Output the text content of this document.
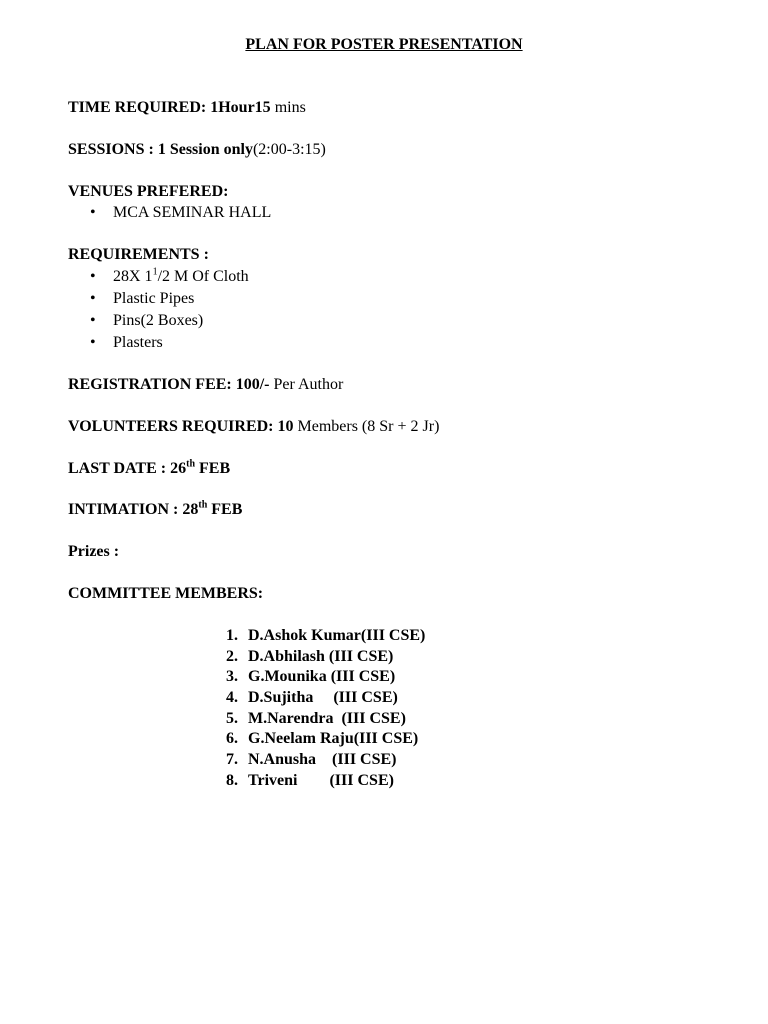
PLAN FOR POSTER PRESENTATION
TIME REQUIRED: 1Hour15 mins
SESSIONS : 1 Session only(2:00-3:15)
VENUES PREFERED:
• MCA SEMINAR HALL
REQUIREMENTS :
• 28X $1^1/2$ M Of Cloth
• Plastic Pipes
• Pins(2 Boxes)
• Plasters
REGISTRATION FEE: 100/- Per Author
VOLUNTEERS REQUIRED: 10 Members (8 Sr + 2 Jr)
LAST DATE : 26th FEB
INTIMATION : 28th FEB
Prizes :
COMMITTEE MEMBERS:
1. D.Ashok Kumar(III CSE)
2. D.Abhilash (III CSE)
3. G.Mounika (III CSE)
4. D.Sujitha     (III CSE)
5. M.Narendra  (III CSE)
6. G.Neelam Raju(III CSE)
7. N.Anusha    (III CSE)
8. Triveni        (III CSE)
